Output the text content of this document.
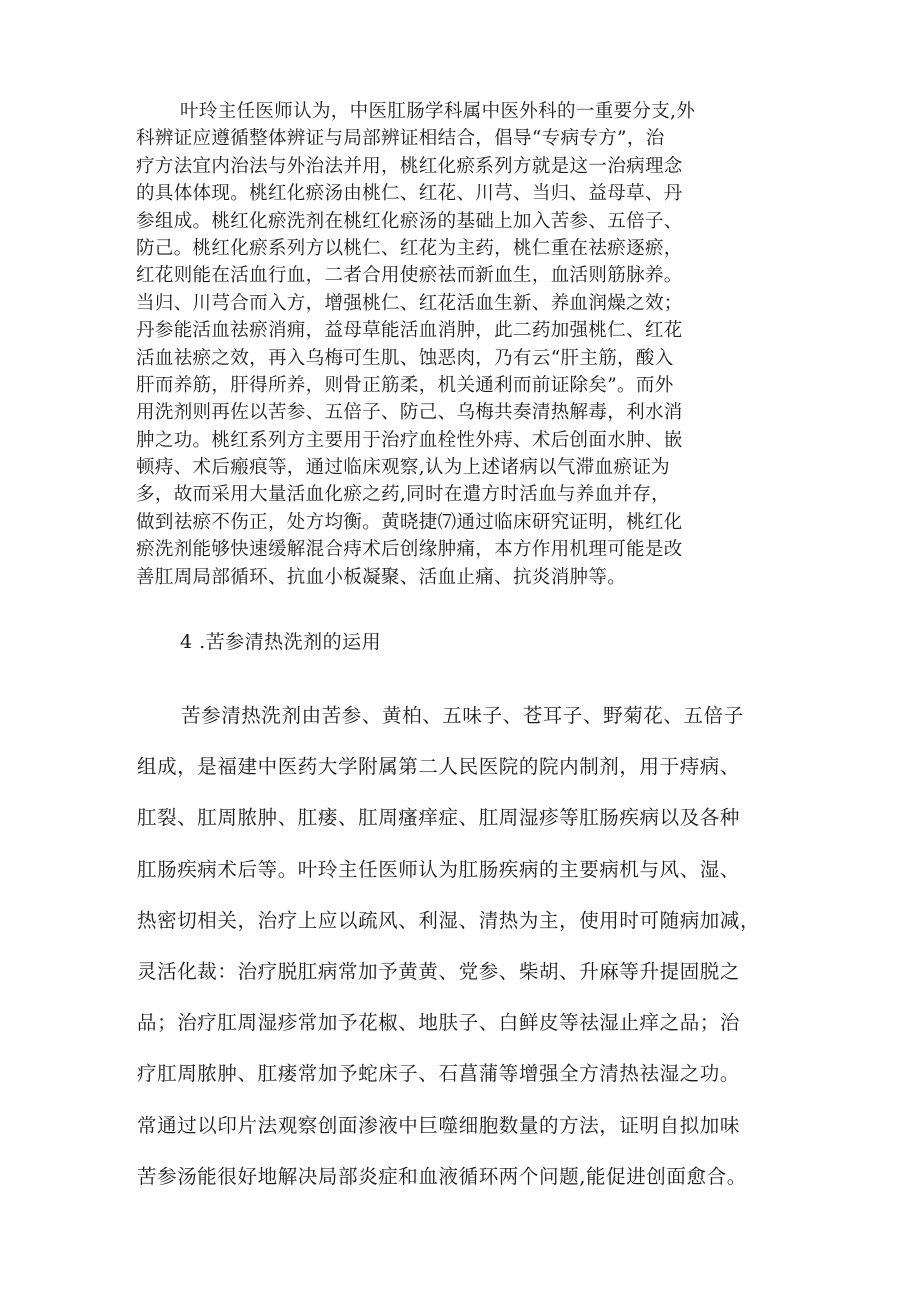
叶玲主任医师认为，中医肛肠学科属中医外科的一重要分支,外
科辨证应遵循整体辨证与局部辨证相结合，倡导“专病专方”，治
疗方法宜内治法与外治法并用，桃红化瘀系列方就是这一治病理念
的具体体现。桃红化瘀汤由桃仁、红花、川芎、当归、益母草、丹
参组成。桃红化瘀洗剂在桃红化瘀汤的基础上加入苦参、五倍子、
防己。桃红化瘀系列方以桃仁、红花为主药，桃仁重在祛瘀逐瘀，
红花则能在活血行血，二者合用使瘀祛而新血生，血活则筋脉养。
当归、川芎合而入方，增强桃仁、红花活血生新、养血润燥之效；
丹参能活血祛瘀消痈，益母草能活血消肿，此二药加强桃仁、红花
活血祛瘀之效，再入乌梅可生肌、蚀恶肉，乃有云“肝主筋，酸入
肝而养筋，肝得所养，则骨正筋柔，机关通利而前证除矣”。而外
用洗剂则再佐以苦参、五倍子、防己、乌梅共奏清热解毒，利水消
肿之功。桃红系列方主要用于治疗血栓性外痔、术后创面水肿、嵌
顿痔、术后瘢痕等，通过临床观察,认为上述诸病以气滞血瘀证为
多，故而采用大量活血化瘀之药,同时在遣方时活血与养血并存，
做到祛瘀不伤正，处方均衡。黄晓捷⑺通过临床研究证明，桃红化
瘀洗剂能够快速缓解混合痔术后创缘肿痛，本方作用机理可能是改
善肛周局部循环、抗血小板凝聚、活血止痛、抗炎消肿等。

4 .苦参清热洗剂的运用

苦参清热洗剂由苦参、黄柏、五味子、苍耳子、野菊花、五倍子
组成，是福建中医药大学附属第二人民医院的院内制剂，用于痔病、
肛裂、肛周脓肿、肛瘘、肛周瘙痒症、肛周湿疹等肛肠疾病以及各种
肛肠疾病术后等。叶玲主任医师认为肛肠疾病的主要病机与风、湿、
热密切相关，治疗上应以疏风、利湿、清热为主，使用时可随病加减，
灵活化裁：治疗脱肛病常加予黄黄、党参、柴胡、升麻等升提固脱之
品；治疗肛周湿疹常加予花椒、地肤子、白鲜皮等祛湿止痒之品；治
疗肛周脓肿、肛瘘常加予蛇床子、石菖蒲等增强全方清热祛湿之功。
常通过以印片法观察创面渗液中巨噬细胞数量的方法，证明自拟加味
苦参汤能很好地解决局部炎症和血液循环两个问题,能促进创面愈合。
